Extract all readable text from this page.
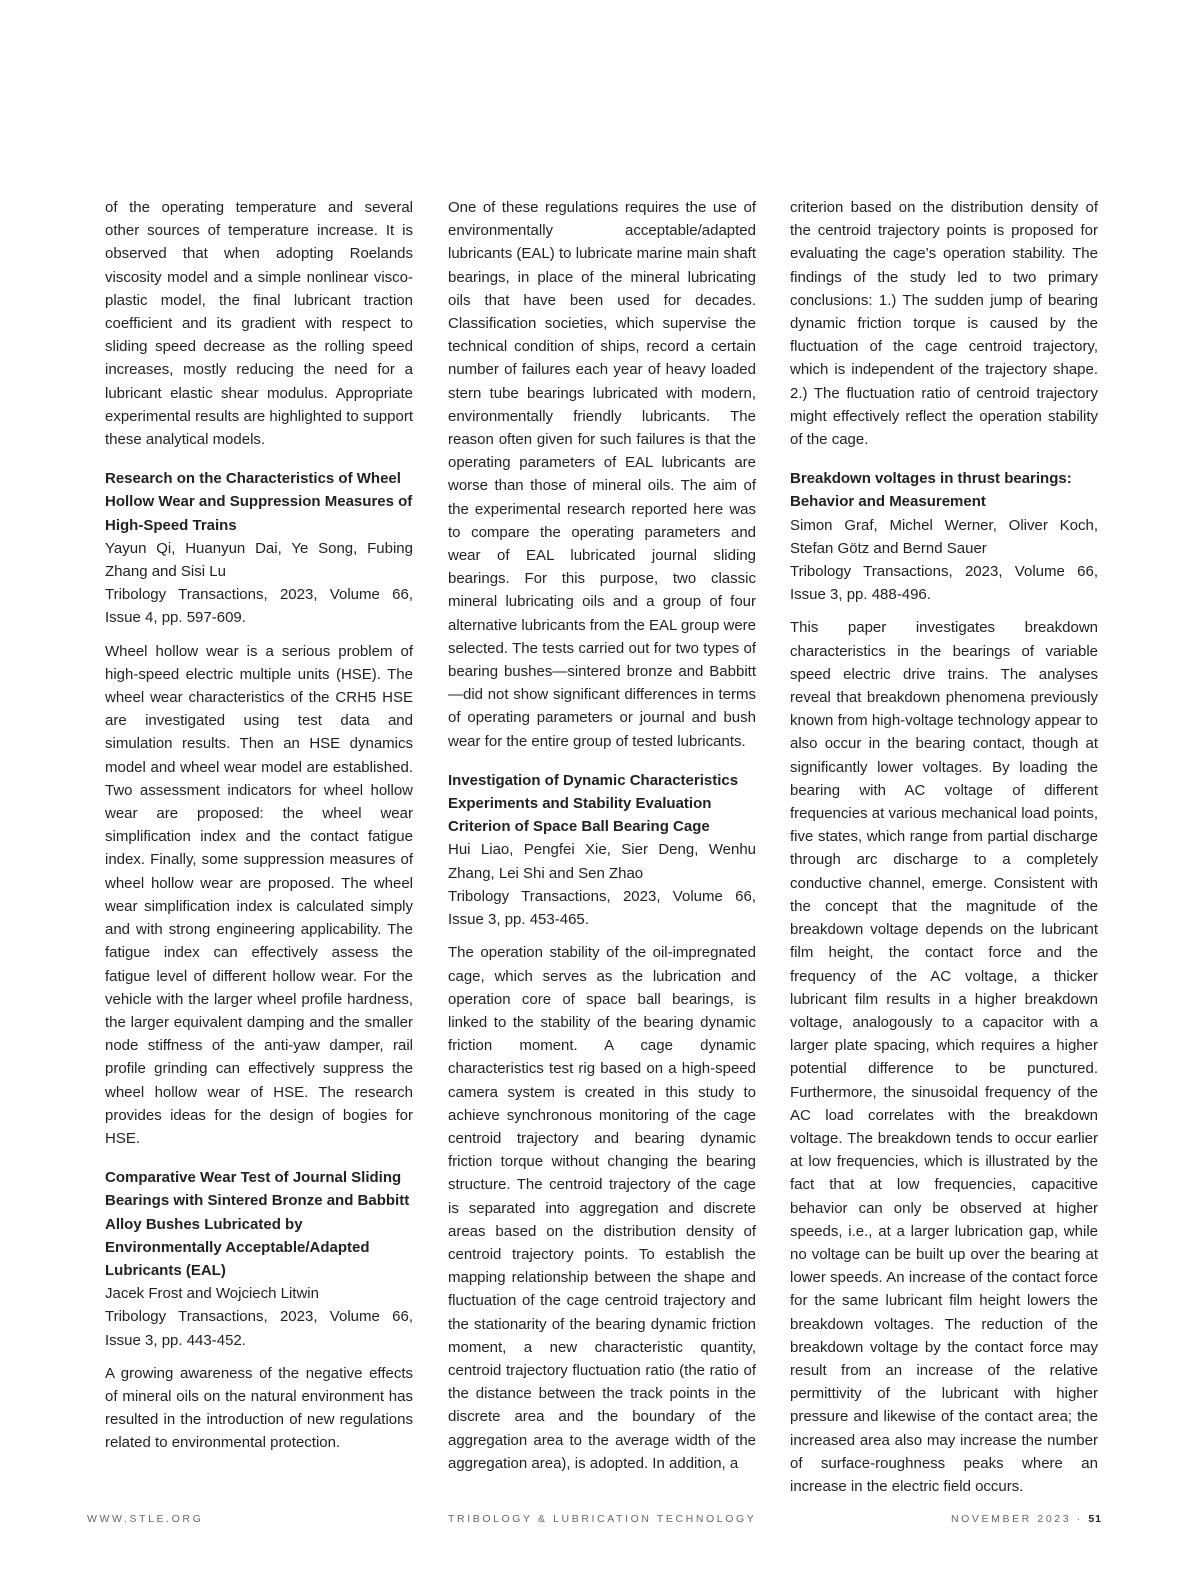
of the operating temperature and several other sources of temperature increase. It is observed that when adopting Roelands viscosity model and a simple nonlinear visco-plastic model, the final lubricant traction coefficient and its gradient with respect to sliding speed decrease as the rolling speed increases, mostly reducing the need for a lubricant elastic shear modulus. Appropriate experimental results are highlighted to support these analytical models.

Research on the Characteristics of Wheel Hollow Wear and Suppression Measures of High-Speed Trains
Yayun Qi, Huanyun Dai, Ye Song, Fubing Zhang and Sisi Lu
Tribology Transactions, 2023, Volume 66, Issue 4, pp. 597-609.

Wheel hollow wear is a serious problem of high-speed electric multiple units (HSE). The wheel wear characteristics of the CRH5 HSE are investigated using test data and simulation results. Then an HSE dynamics model and wheel wear model are established. Two assessment indicators for wheel hollow wear are proposed: the wheel wear simplification index and the contact fatigue index. Finally, some suppression measures of wheel hollow wear are proposed. The wheel wear simplification index is calculated simply and with strong engineering applicability. The fatigue index can effectively assess the fatigue level of different hollow wear. For the vehicle with the larger wheel profile hardness, the larger equivalent damping and the smaller node stiffness of the anti-yaw damper, rail profile grinding can effectively suppress the wheel hollow wear of HSE. The research provides ideas for the design of bogies for HSE.

Comparative Wear Test of Journal Sliding Bearings with Sintered Bronze and Babbitt Alloy Bushes Lubricated by Environmentally Acceptable/Adapted Lubricants (EAL)
Jacek Frost and Wojciech Litwin
Tribology Transactions, 2023, Volume 66, Issue 3, pp. 443-452.

A growing awareness of the negative effects of mineral oils on the natural environment has resulted in the introduction of new regulations related to environmental protection.

One of these regulations requires the use of environmentally acceptable/adapted lubricants (EAL) to lubricate marine main shaft bearings, in place of the mineral lubricating oils that have been used for decades. Classification societies, which supervise the technical condition of ships, record a certain number of failures each year of heavy loaded stern tube bearings lubricated with modern, environmentally friendly lubricants. The reason often given for such failures is that the operating parameters of EAL lubricants are worse than those of mineral oils. The aim of the experimental research reported here was to compare the operating parameters and wear of EAL lubricated journal sliding bearings. For this purpose, two classic mineral lubricating oils and a group of four alternative lubricants from the EAL group were selected. The tests carried out for two types of bearing bushes—sintered bronze and Babbitt—did not show significant differences in terms of operating parameters or journal and bush wear for the entire group of tested lubricants.

Investigation of Dynamic Characteristics Experiments and Stability Evaluation Criterion of Space Ball Bearing Cage
Hui Liao, Pengfei Xie, Sier Deng, Wenhu Zhang, Lei Shi and Sen Zhao
Tribology Transactions, 2023, Volume 66, Issue 3, pp. 453-465.

The operation stability of the oil-impregnated cage, which serves as the lubrication and operation core of space ball bearings, is linked to the stability of the bearing dynamic friction moment. A cage dynamic characteristics test rig based on a high-speed camera system is created in this study to achieve synchronous monitoring of the cage centroid trajectory and bearing dynamic friction torque without changing the bearing structure. The centroid trajectory of the cage is separated into aggregation and discrete areas based on the distribution density of centroid trajectory points. To establish the mapping relationship between the shape and fluctuation of the cage centroid trajectory and the stationarity of the bearing dynamic friction moment, a new characteristic quantity, centroid trajectory fluctuation ratio (the ratio of the distance between the track points in the discrete area and the boundary of the aggregation area to the average width of the aggregation area), is adopted. In addition, a

criterion based on the distribution density of the centroid trajectory points is proposed for evaluating the cage’s operation stability. The findings of the study led to two primary conclusions: 1.) The sudden jump of bearing dynamic friction torque is caused by the fluctuation of the cage centroid trajectory, which is independent of the trajectory shape. 2.) The fluctuation ratio of centroid trajectory might effectively reflect the operation stability of the cage.

Breakdown voltages in thrust bearings: Behavior and Measurement
Simon Graf, Michel Werner, Oliver Koch, Stefan Götz and Bernd Sauer
Tribology Transactions, 2023, Volume 66, Issue 3, pp. 488-496.

This paper investigates breakdown characteristics in the bearings of variable speed electric drive trains. The analyses reveal that breakdown phenomena previously known from high-voltage technology appear to also occur in the bearing contact, though at significantly lower voltages. By loading the bearing with AC voltage of different frequencies at various mechanical load points, five states, which range from partial discharge through arc discharge to a completely conductive channel, emerge. Consistent with the concept that the magnitude of the breakdown voltage depends on the lubricant film height, the contact force and the frequency of the AC voltage, a thicker lubricant film results in a higher breakdown voltage, analogously to a capacitor with a larger plate spacing, which requires a higher potential difference to be punctured. Furthermore, the sinusoidal frequency of the AC load correlates with the breakdown voltage. The breakdown tends to occur earlier at low frequencies, which is illustrated by the fact that at low frequencies, capacitive behavior can only be observed at higher speeds, i.e., at a larger lubrication gap, while no voltage can be built up over the bearing at lower speeds. An increase of the contact force for the same lubricant film height lowers the breakdown voltages. The reduction of the breakdown voltage by the contact force may result from an increase of the relative permittivity of the lubricant with higher pressure and likewise of the contact area; the increased area also may increase the number of surface-roughness peaks where an increase in the electric field occurs.

WWW.STLE.ORG	TRIBOLOGY & LUBRICATION TECHNOLOGY	NOVEMBER 2023 · 51
